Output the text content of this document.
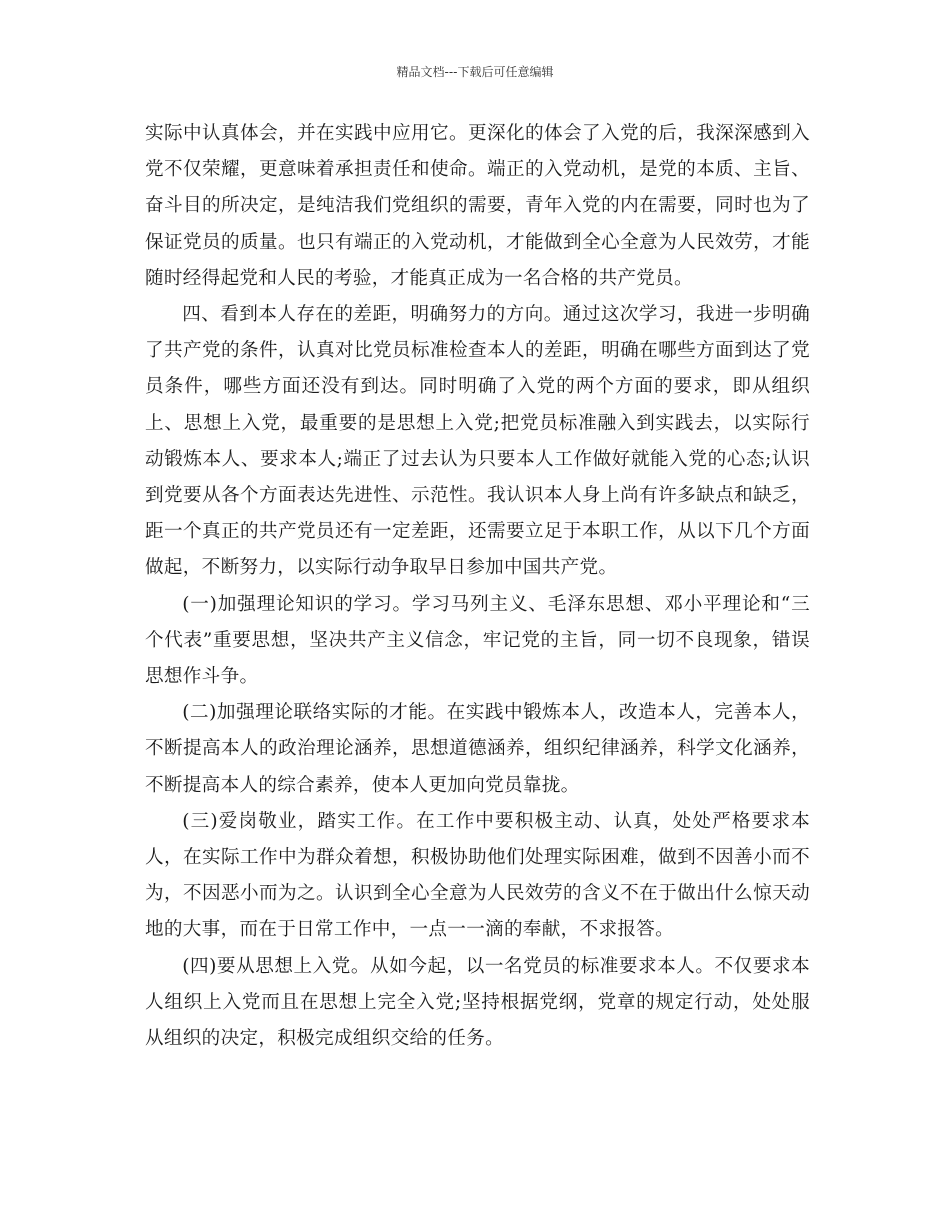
精品文档---下载后可任意编辑

实际中认真体会，并在实践中应用它。更深化的体会了入党的后，我深深感到入党不仅荣耀，更意味着承担责任和使命。端正的入党动机，是党的本质、主旨、奋斗目的所决定，是纯洁我们党组织的需要，青年入党的内在需要，同时也为了保证党员的质量。也只有端正的入党动机，才能做到全心全意为人民效劳，才能随时经得起党和人民的考验，才能真正成为一名合格的共产党员。

四、看到本人存在的差距，明确努力的方向。通过这次学习，我进一步明确了共产党的条件，认真对比党员标准检查本人的差距，明确在哪些方面到达了党员条件，哪些方面还没有到达。同时明确了入党的两个方面的要求，即从组织上、思想上入党，最重要的是思想上入党;把党员标准融入到实践去，以实际行动锻炼本人、要求本人;端正了过去认为只要本人工作做好就能入党的心态;认识到党要从各个方面表达先进性、示范性。我认识本人身上尚有许多缺点和缺乏，距一个真正的共产党员还有一定差距，还需要立足于本职工作，从以下几个方面做起，不断努力，以实际行动争取早日参加中国共产党。

(一)加强理论知识的学习。学习马列主义、毛泽东思想、邓小平理论和“三个代表”重要思想，坚决共产主义信念，牢记党的主旨，同一切不良现象，错误思想作斗争。

(二)加强理论联络实际的才能。在实践中锻炼本人，改造本人，完善本人，不断提高本人的政治理论涵养，思想道德涵养，组织纪律涵养，科学文化涵养，不断提高本人的综合素养，使本人更加向党员靠拢。

(三)爱岗敬业，踏实工作。在工作中要积极主动、认真，处处严格要求本人，在实际工作中为群众着想，积极协助他们处理实际困难，做到不因善小而不为，不因恶小而为之。认识到全心全意为人民效劳的含义不在于做出什么惊天动地的大事，而在于日常工作中，一点一一滴的奉献，不求报答。

(四)要从思想上入党。从如今起，以一名党员的标准要求本人。不仅要求本人组织上入党而且在思想上完全入党;坚持根据党纲，党章的规定行动，处处服从组织的决定，积极完成组织交给的任务。
